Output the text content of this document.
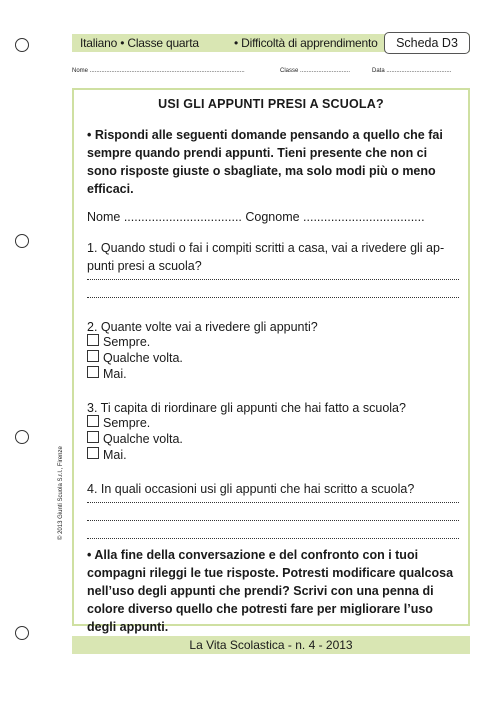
Italiano • Classe quarta	• Difficoltà di apprendimento	Scheda D3
Nome .............................................................................................	Classe ..............................	Data .......................................
© 2013 Giunti Scuola S.r.l., Firenze
USI GLI APPUNTI PRESI A SCUOLA?
• Rispondi alle seguenti domande pensando a quello che fai sempre quando prendi appunti. Tieni presente che non ci sono risposte giuste o sbagliate, ma solo modi più o meno efficaci.
Nome .................................. Cognome ...................................
1. Quando studi o fai i compiti scritti a casa, vai a rivedere gli ap- punti presi a scuola?
2. Quante volte vai a rivedere gli appunti?
Sempre.
Qualche volta.
Mai.
3. Ti capita di riordinare gli appunti che hai fatto a scuola?
Sempre.
Qualche volta.
Mai.
4. In quali occasioni usi gli appunti che hai scritto a scuola?
• Alla fine della conversazione e del confronto con i tuoi compagni rileggi le tue risposte. Potresti modificare qualcosa nell’uso degli appunti che prendi? Scrivi con una penna di colore diverso quello che potresti fare per migliorare l’uso degli appunti.
La Vita Scolastica - n. 4 - 2013
